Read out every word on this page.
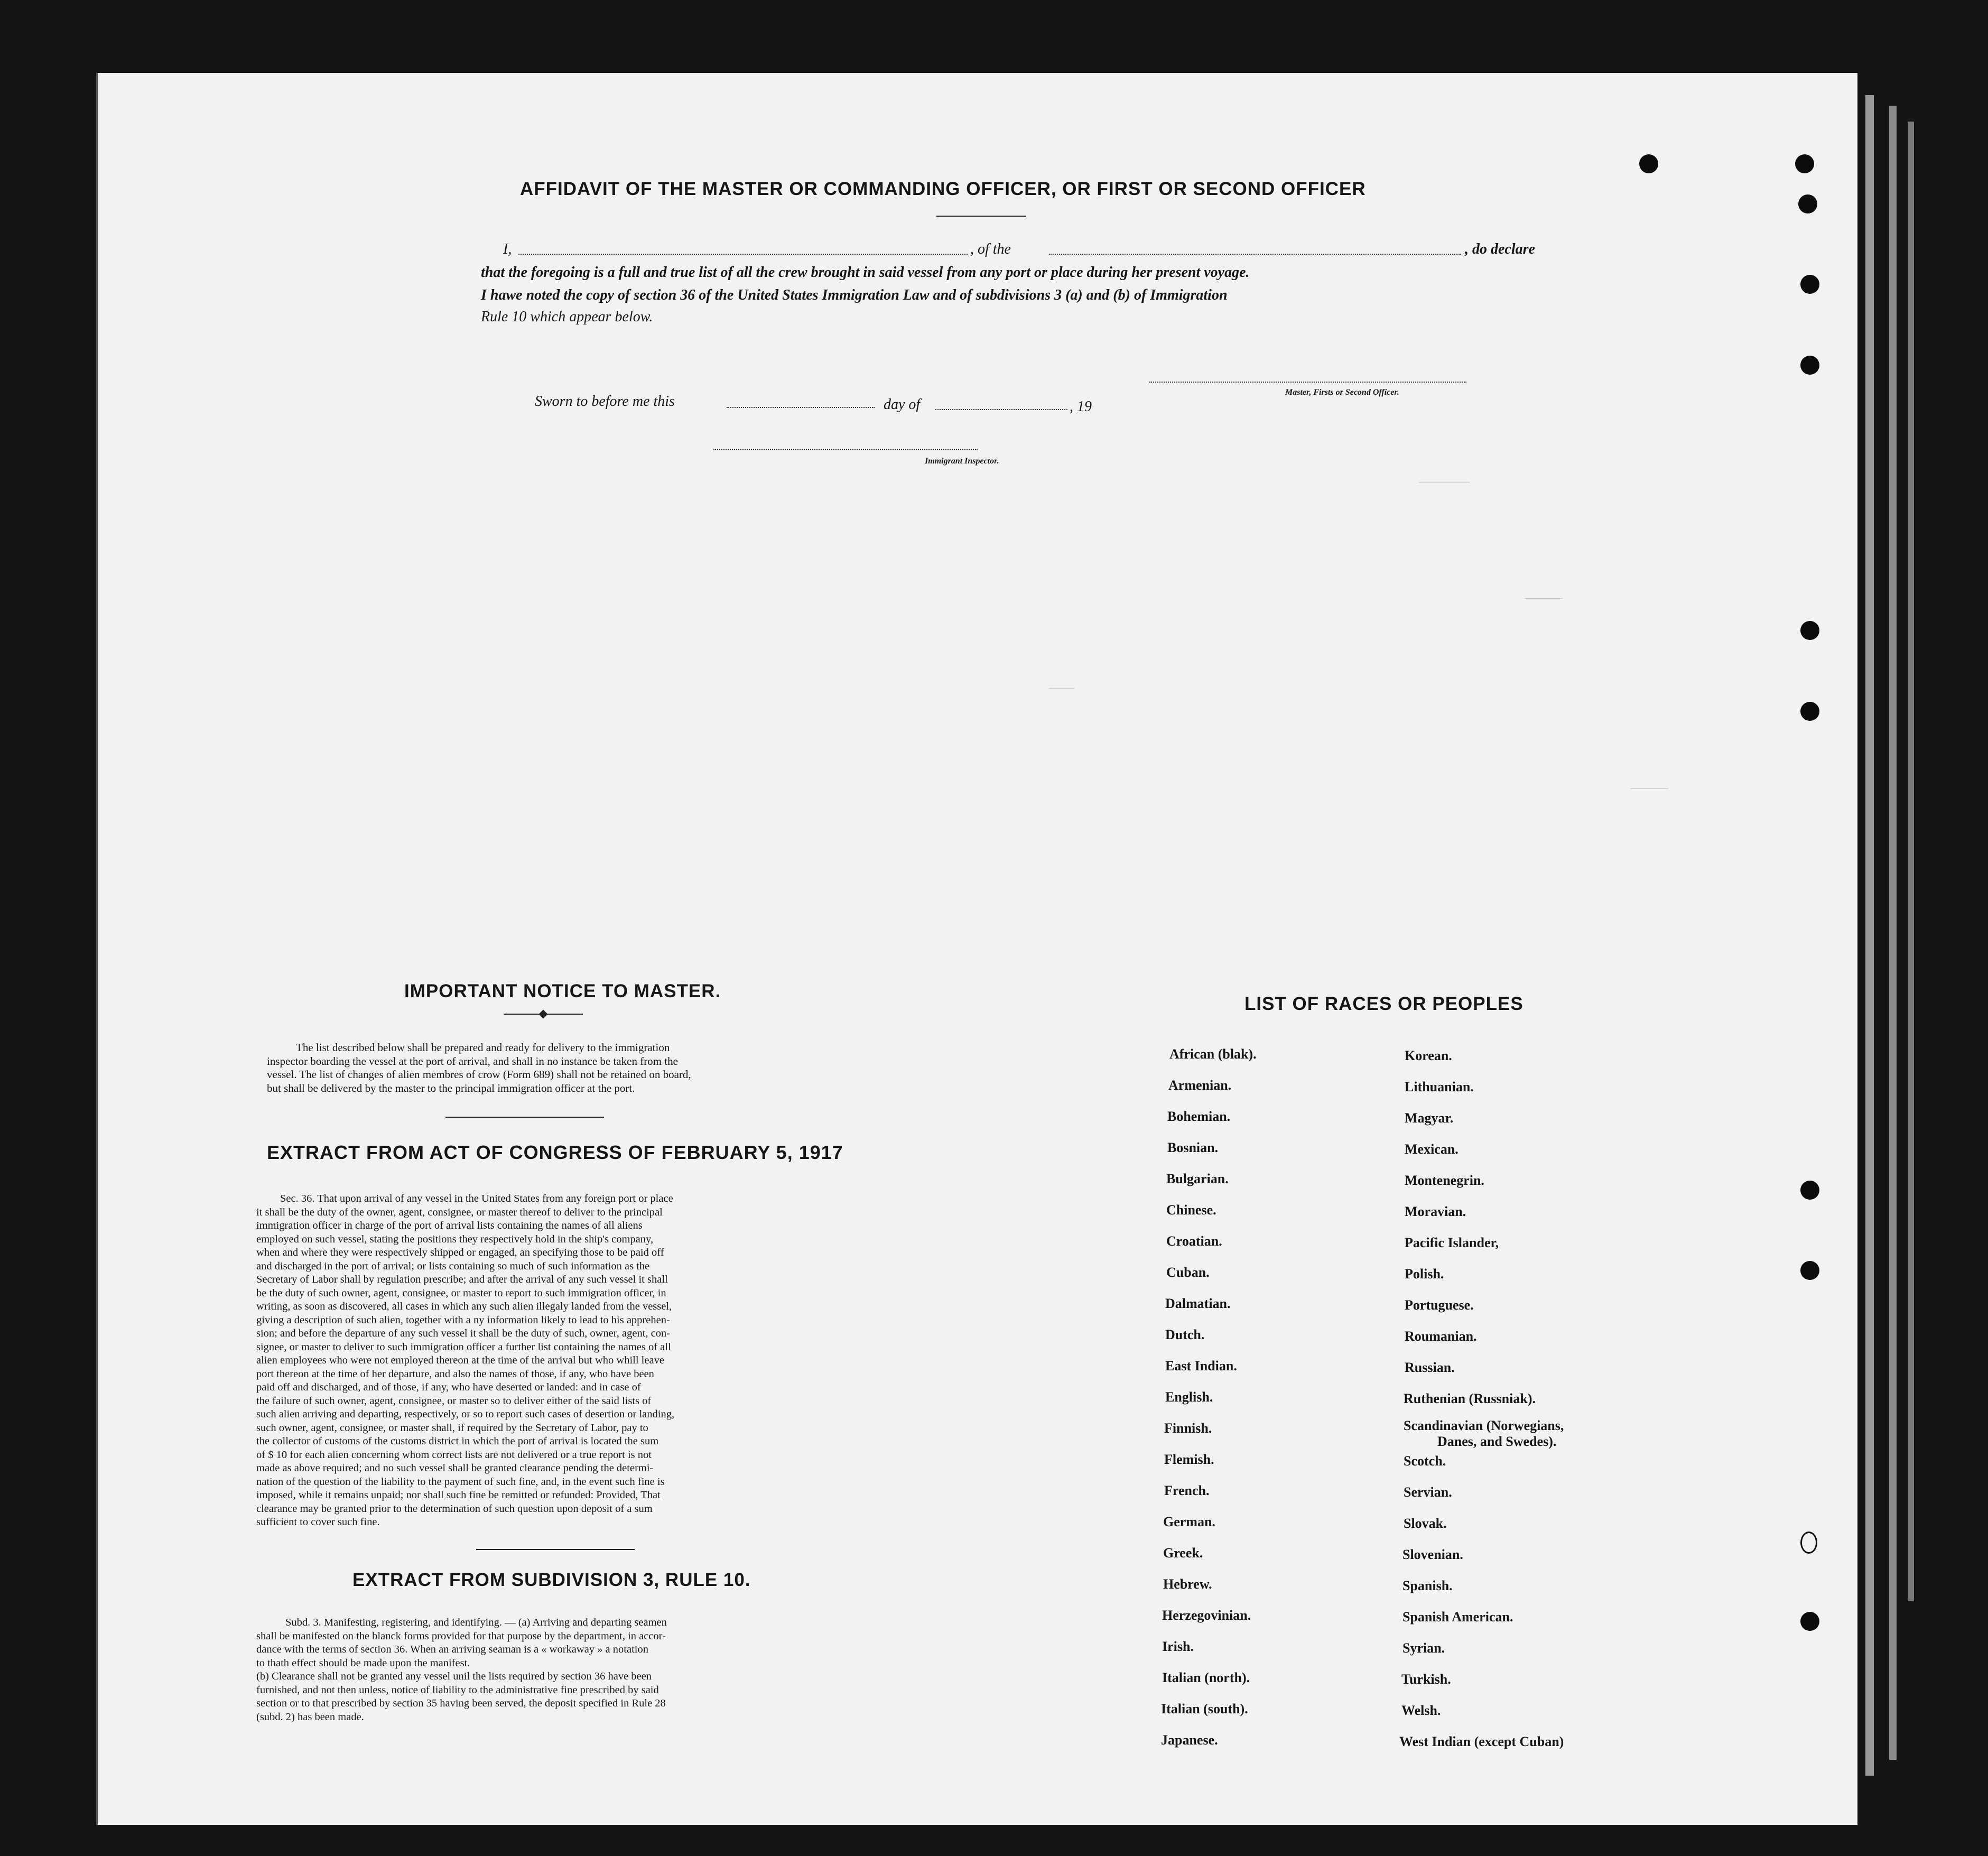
————
———
———
——
AFFIDAVIT OF THE MASTER OR COMMANDING OFFICER, OR FIRST OR SECOND OFFICER
I,	, of the	, do declare
that the foregoing is a full and true list of all the crew brought in said vessel from any port or place during her present voyage.
I hawe noted the copy of section 36 of the United States Immigration Law and of subdivisions 3 (a) and (b) of Immigration
Rule 10 which appear below.
Master, Firsts or Second Officer.
Sworn to before me this	day of	, 19
Immigrant Inspector.
IMPORTANT NOTICE TO MASTER.
The list described below shall be prepared and ready for delivery to the immigration
inspector boarding the vessel at the port of arrival, and shall in no instance be taken from the
vessel. The list of changes of alien membres of crow (Form 689) shall not be retained on board,
but shall be delivered by the master to the principal immigration officer at the port.
EXTRACT FROM ACT OF CONGRESS OF FEBRUARY 5, 1917
Sec. 36. That upon arrival of any vessel in the United States from any foreign port or place
it shall be the duty of the owner, agent, consignee, or master thereof to deliver to the principal
immigration officer in charge of the port of arrival lists containing the names of all aliens
employed on such vessel, stating the positions they respectively hold in the ship's company,
when and where they were respectively shipped or engaged, an specifying those to be paid off
and discharged in the port of arrival; or lists containing so much of such information as the
Secretary of Labor shall by regulation prescribe; and after the arrival of any such vessel it shall
be the duty of such owner, agent, consignee, or master to report to such immigration officer, in
writing, as soon as discovered, all cases in which any such alien illegaly landed from the vessel,
giving a description of such alien, together with a ny information likely to lead to his apprehen-
sion; and before the departure of any such vessel it shall be the duty of such, owner, agent, con-
signee, or master to deliver to such immigration officer a further list containing the names of all
alien employees who were not employed thereon at the time of the arrival but who whill leave
port thereon at the time of her departure, and also the names of those, if any, who have been
paid off and discharged, and of those, if any, who have deserted or landed: and in case of
the failure of such owner, agent, consignee, or master so to deliver either of the said lists of
such alien arriving and departing, respectively, or so to report such cases of desertion or landing,
such owner, agent, consignee, or master shall, if required by the Secretary of Labor, pay to
the collector of customs of the customs district in which the port of arrival is located the sum
of $ 10 for each alien concerning whom correct lists are not delivered or a true report is not
made as above required; and no such vessel shall be granted clearance pending the determi-
nation of the question of the liability to the payment of such fine, and, in the event such fine is
imposed, while it remains unpaid; nor shall such fine be remitted or refunded: Provided, That
clearance may be granted prior to the determination of such question upon deposit of a sum
sufficient to cover such fine.
EXTRACT FROM SUBDIVISION 3, RULE 10.
Subd. 3. Manifesting, registering, and identifying. — (a) Arriving and departing seamen
shall be manifested on the blanck forms provided for that purpose by the department, in accor-
dance with the terms of section 36. When an arriving seaman is a « workaway » a notation
to thath effect should be made upon the manifest.
(b) Clearance shall not be granted any vessel unil the lists required by section 36 have been
furnished, and not then unless, notice of liability to the administrative fine prescribed by said
section or to that prescribed by section 35 having been served, the deposit specified in Rule 28
(subd. 2) has been made.
LIST OF RACES OR PEOPLES
African (blak).
Armenian.
Bohemian.
Bosnian.
Bulgarian.
Chinese.
Croatian.
Cuban.
Dalmatian.
Dutch.
East Indian.
English.
Finnish.
Flemish.
French.
German.
Greek.
Hebrew.
Herzegovinian.
Irish.
Italian (north).
Italian (south).
Japanese.
Korean.
Lithuanian.
Magyar.
Mexican.
Montenegrin.
Moravian.
Pacific Islander,
Polish.
Portuguese.
Roumanian.
Russian.
Ruthenian (Russniak).
Scandinavian (Norwegians,
Danes, and Swedes).
Scotch.
Servian.
Slovak.
Slovenian.
Spanish.
Spanish American.
Syrian.
Turkish.
Welsh.
West Indian (except Cuban)
